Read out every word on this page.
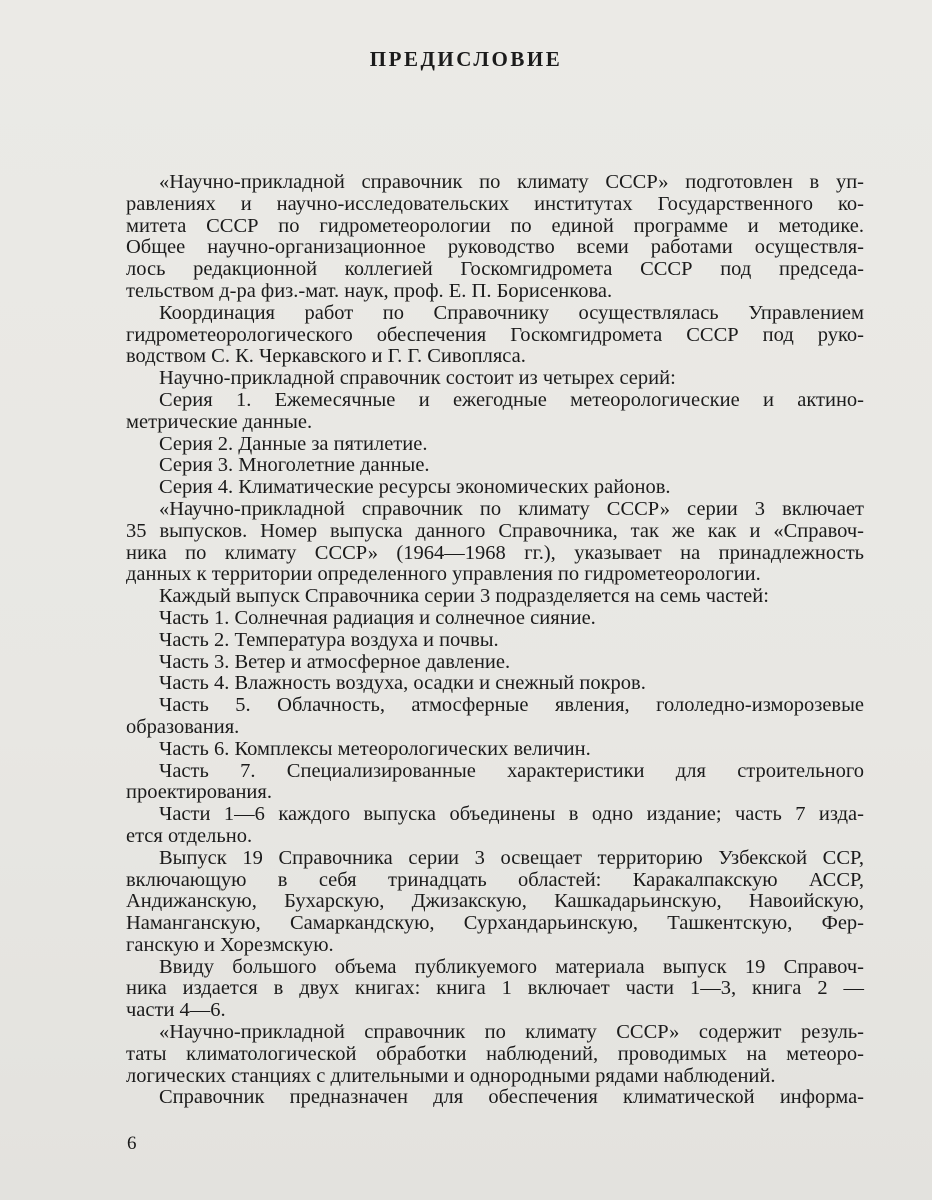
ПРЕДИСЛОВИЕ

«Научно-прикладной справочник по климату СССР» подготовлен в уп-

равлениях и научно-исследовательских институтах Государственного ко-

митета СССР по гидрометеорологии по единой программе и методике.

Общее научно-организационное руководство всеми работами осуществля-

лось редакционной коллегией Госкомгидромета СССР под председа-

тельством д-ра физ.-мат. наук, проф. Е. П. Борисенкова.

Координация работ по Справочнику осуществлялась Управлением

гидрометеорологического обеспечения Госкомгидромета СССР под руко-

водством С. К. Черкавского и Г. Г. Сивопляса.

Научно-прикладной справочник состоит из четырех серий:

Серия 1. Ежемесячные и ежегодные метеорологические и актино-

метрические данные.

Серия 2. Данные за пятилетие.

Серия 3. Многолетние данные.

Серия 4. Климатические ресурсы экономических районов.

«Научно-прикладной справочник по климату СССР» серии 3 включает

35 выпусков. Номер выпуска данного Справочника, так же как и «Справоч-

ника по климату СССР» (1964—1968 гг.), указывает на принадлежность

данных к территории определенного управления по гидрометеорологии.

Каждый выпуск Справочника серии 3 подразделяется на семь частей:

Часть 1. Солнечная радиация и солнечное сияние.

Часть 2. Температура воздуха и почвы.

Часть 3. Ветер и атмосферное давление.

Часть 4. Влажность воздуха, осадки и снежный покров.

Часть 5. Облачность, атмосферные явления, гололедно-изморозевые

образования.

Часть 6. Комплексы метеорологических величин.

Часть 7. Специализированные характеристики для строительного

проектирования.

Части 1—6 каждого выпуска объединены в одно издание; часть 7 изда-

ется отдельно.

Выпуск 19 Справочника серии 3 освещает территорию Узбекской ССР,

включающую в себя тринадцать областей: Каракалпакскую АССР,

Андижанскую, Бухарскую, Джизакскую, Кашкадарьинскую, Навоийскую,

Наманганскую, Самаркандскую, Сурхандарьинскую, Ташкентскую, Фер-

ганскую и Хорезмскую.

Ввиду большого объема публикуемого материала выпуск 19 Справоч-

ника издается в двух книгах: книга 1 включает части 1—3, книга 2 —

части 4—6.

«Научно-прикладной справочник по климату СССР» содержит резуль-

таты климатологической обработки наблюдений, проводимых на метеоро-

логических станциях с длительными и однородными рядами наблюдений.

Справочник предназначен для обеспечения климатической информа-

6
